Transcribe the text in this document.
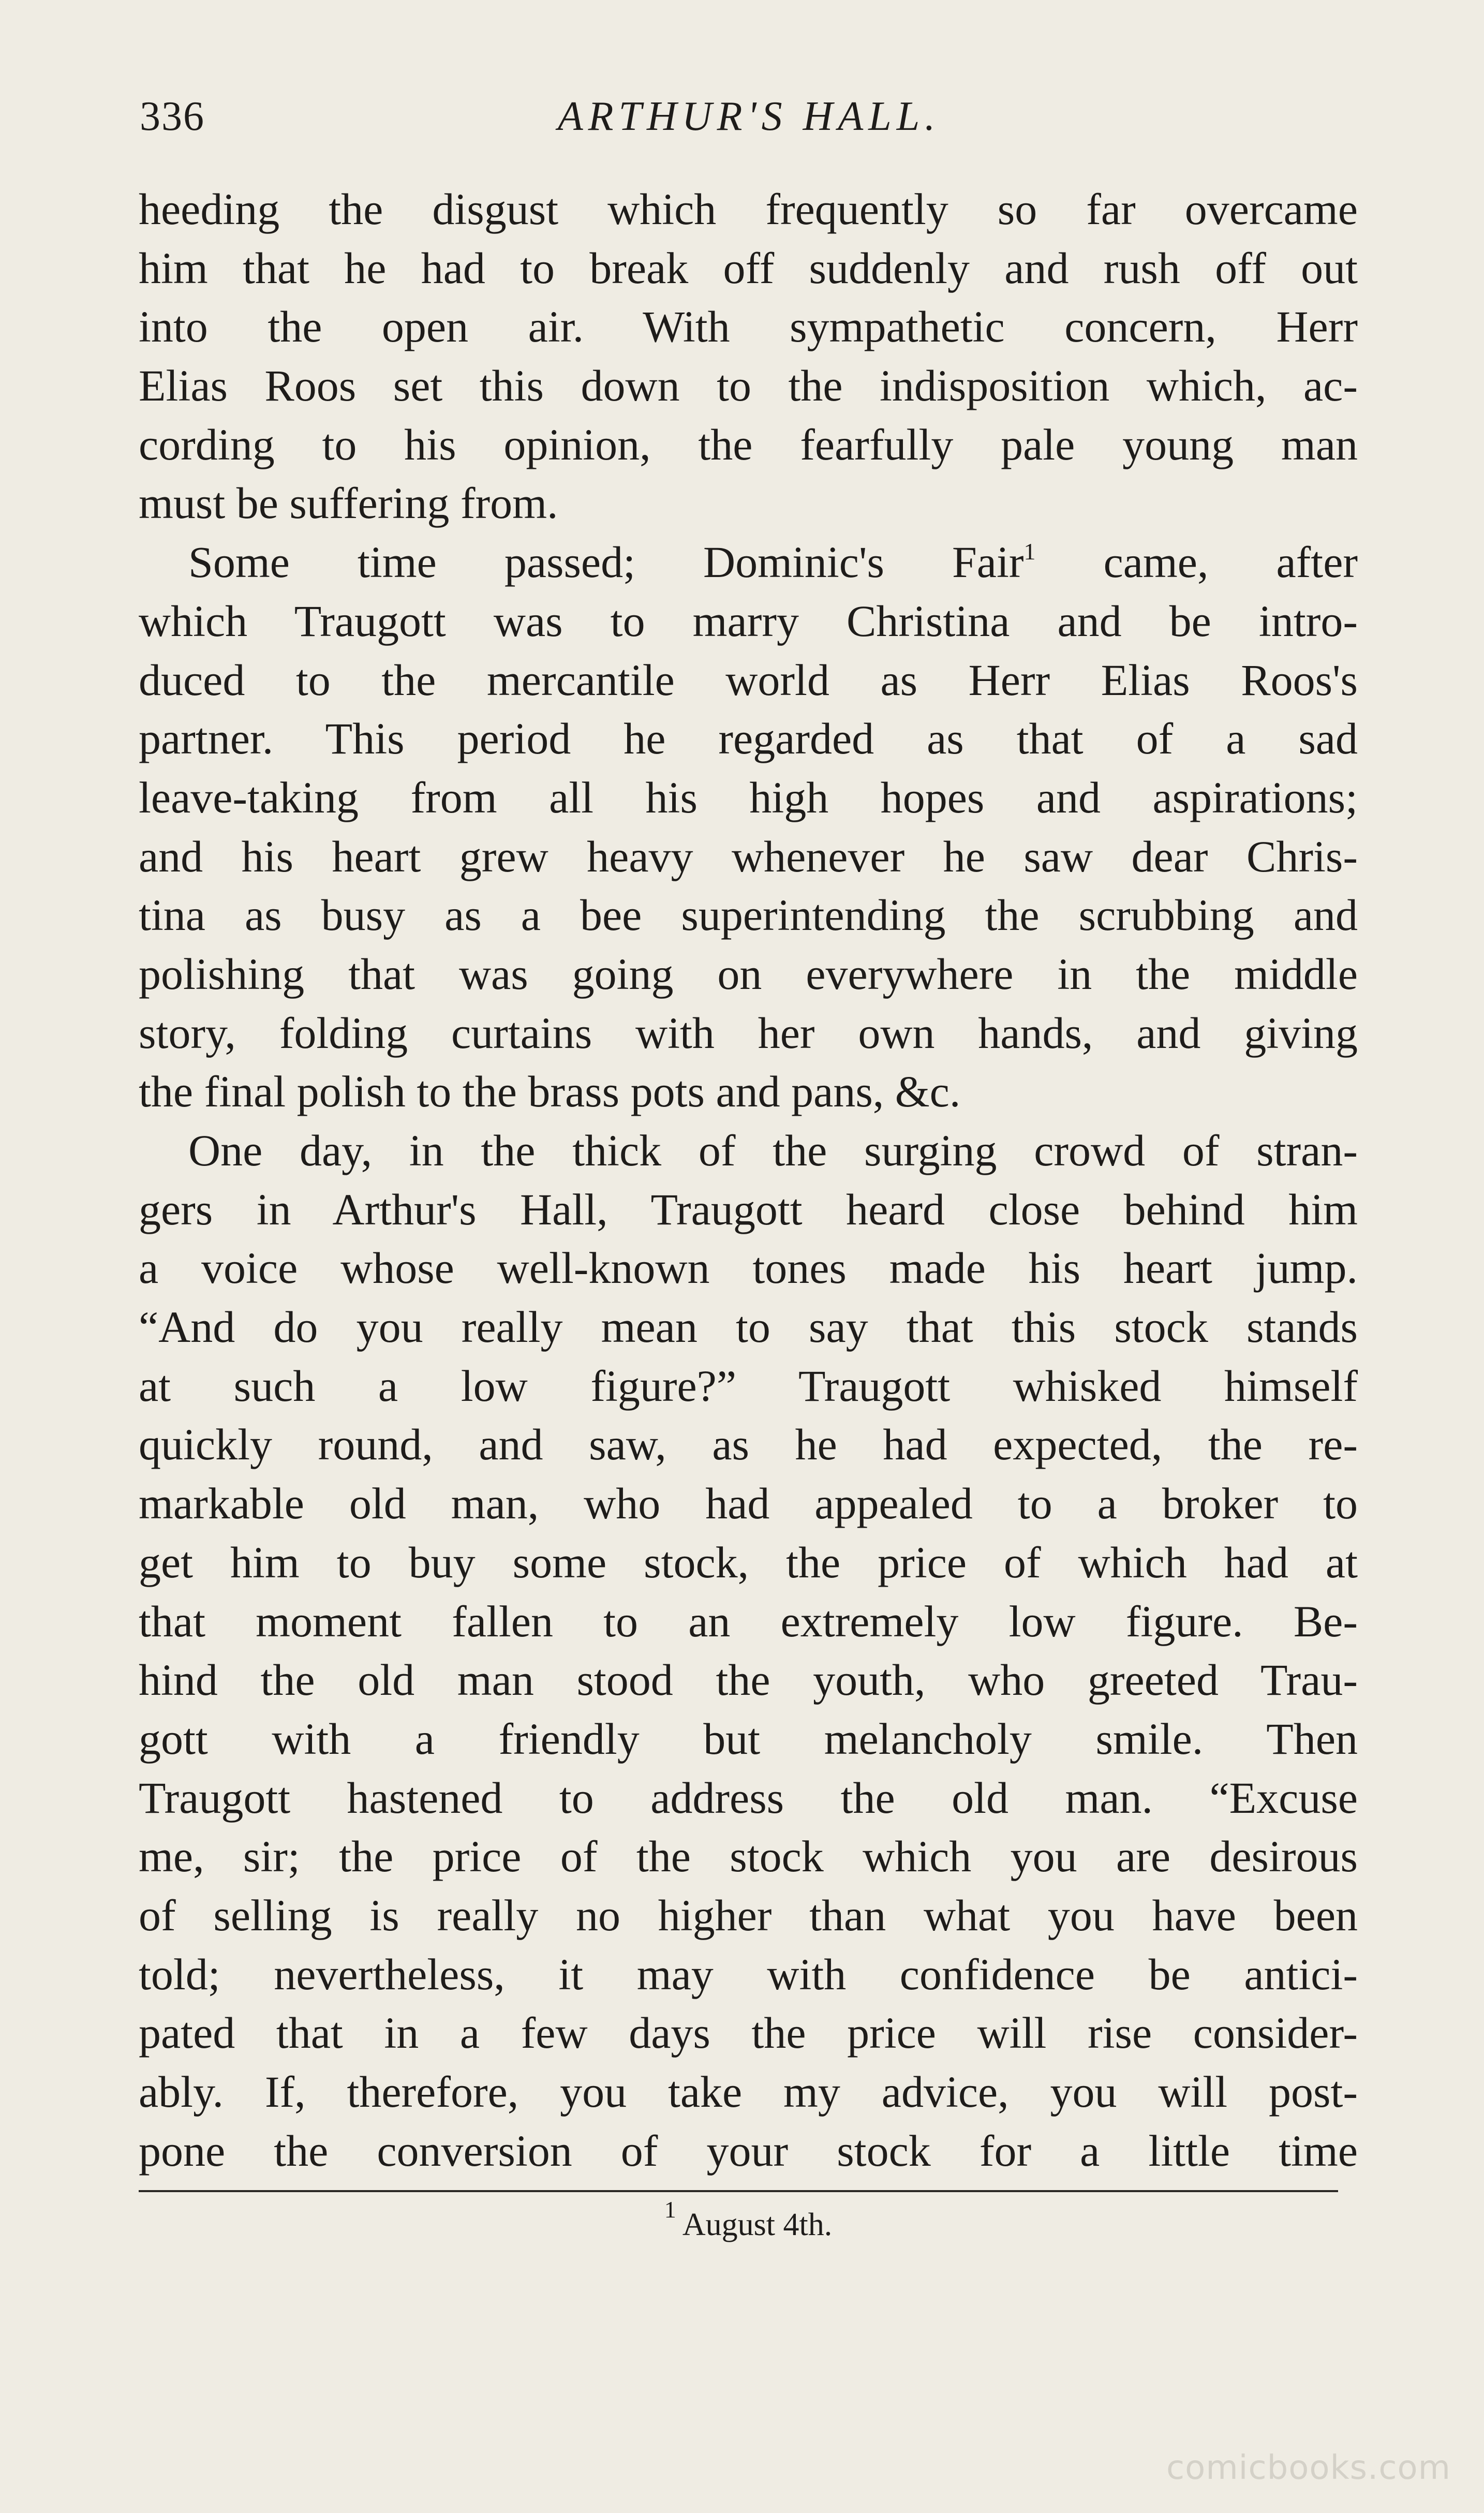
336	ARTHUR'S HALL.
heeding the disgust which frequently so far overcame
him that he had to break off suddenly and rush off out
into the open air. With sympathetic concern, Herr
Elias Roos set this down to the indisposition which, ac-
cording to his opinion, the fearfully pale young man
must be suffering from.
Some time passed; Dominic's Fair$^1$ came, after
which Traugott was to marry Christina and be intro-
duced to the mercantile world as Herr Elias Roos's
partner. This period he regarded as that of a sad
leave-taking from all his high hopes and aspirations;
and his heart grew heavy whenever he saw dear Chris-
tina as busy as a bee superintending the scrubbing and
polishing that was going on everywhere in the middle
story, folding curtains with her own hands, and giving
the final polish to the brass pots and pans, &c.
One day, in the thick of the surging crowd of stran-
gers in Arthur's Hall, Traugott heard close behind him
a voice whose well-known tones made his heart jump.
“And do you really mean to say that this stock stands
at such a low figure?” Traugott whisked himself
quickly round, and saw, as he had expected, the re-
markable old man, who had appealed to a broker to
get him to buy some stock, the price of which had at
that moment fallen to an extremely low figure. Be-
hind the old man stood the youth, who greeted Trau-
gott with a friendly but melancholy smile. Then
Traugott hastened to address the old man. “Excuse
me, sir; the price of the stock which you are desirous
of selling is really no higher than what you have been
told; nevertheless, it may with confidence be antici-
pated that in a few days the price will rise consider-
ably. If, therefore, you take my advice, you will post-
pone the conversion of your stock for a little time
$^1$ August 4th.
comicbooks.com
